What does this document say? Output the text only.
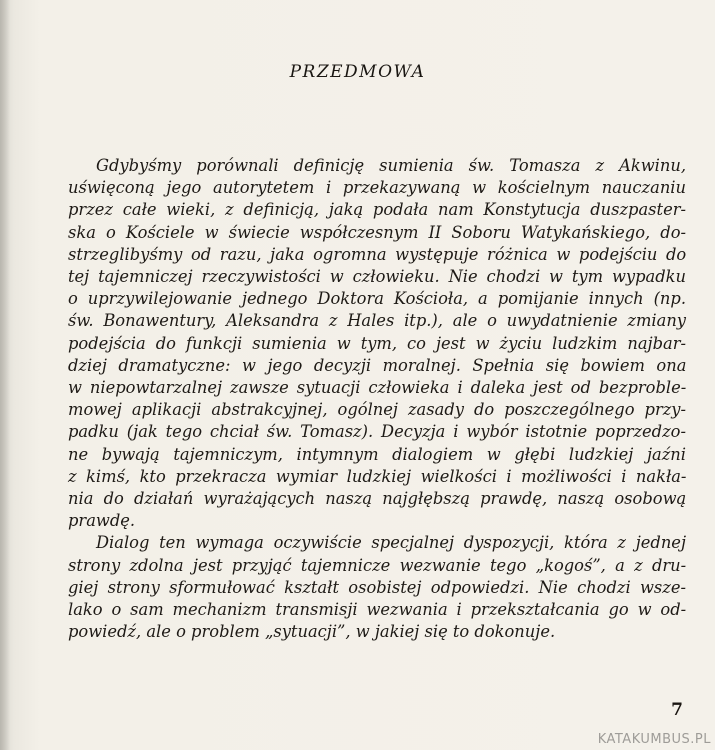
PRZEDMOWA
Gdybyśmy porównali definicję sumienia św. Tomasza z Akwinu,
uświęconą jego autorytetem i przekazywaną w kościelnym nauczaniu
przez całe wieki, z definicją, jaką podała nam Konstytucja duszpaster-
ska o Kościele w świecie współczesnym II Soboru Watykańskiego, do-
strzeglibyśmy od razu, jaka ogromna występuje różnica w podejściu do
tej tajemniczej rzeczywistości w człowieku. Nie chodzi w tym wypadku
o uprzywilejowanie jednego Doktora Kościoła, a pomijanie innych (np.
św. Bonawentury, Aleksandra z Hales itp.), ale o uwydatnienie zmiany
podejścia do funkcji sumienia w tym, co jest w życiu ludzkim najbar-
dziej dramatyczne: w jego decyzji moralnej. Spełnia się bowiem ona
w niepowtarzalnej zawsze sytuacji człowieka i daleka jest od bezproble-
mowej aplikacji abstrakcyjnej, ogólnej zasady do poszczególnego przy-
padku (jak tego chciał św. Tomasz). Decyzja i wybór istotnie poprzedzo-
ne bywają tajemniczym, intymnym dialogiem w głębi ludzkiej jaźni
z kimś, kto przekracza wymiar ludzkiej wielkości i możliwości i nakła-
nia do działań wyrażających naszą najgłębszą prawdę, naszą osobową
prawdę.
Dialog ten wymaga oczywiście specjalnej dyspozycji, która z jednej
strony zdolna jest przyjąć tajemnicze wezwanie tego „kogoś”, a z dru-
giej strony sformułować kształt osobistej odpowiedzi. Nie chodzi wsze-
lako o sam mechanizm transmisji wezwania i przekształcania go w od-
powiedź, ale o problem „sytuacji”, w jakiej się to dokonuje.
7
KATAKUMBUS.PL
